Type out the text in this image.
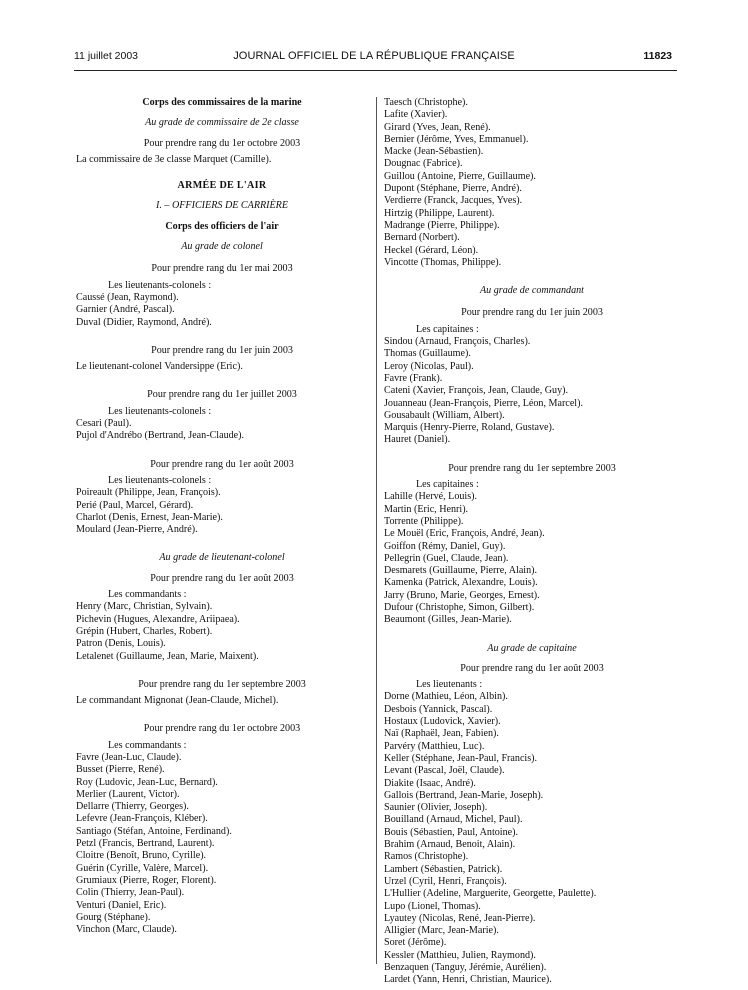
11 juillet 2003	JOURNAL OFFICIEL DE LA RÉPUBLIQUE FRANÇAISE	11823
Corps des commissaires de la marine
Au grade de commissaire de 2e classe
Pour prendre rang du 1er octobre 2003
La commissaire de 3e classe Marquet (Camille).
ARMÉE DE L'AIR
I. – OFFICIERS DE CARRIÈRE
Corps des officiers de l'air
Au grade de colonel
Pour prendre rang du 1er mai 2003
Les lieutenants-colonels :
Caussé (Jean, Raymond).
Garnier (André, Pascal).
Duval (Didier, Raymond, André).
Pour prendre rang du 1er juin 2003
Le lieutenant-colonel Vandersippe (Eric).
Pour prendre rang du 1er juillet 2003
Les lieutenants-colonels :
Cesari (Paul).
Pujol d'Andrébo (Bertrand, Jean-Claude).
Pour prendre rang du 1er août 2003
Les lieutenants-colonels :
Poireault (Philippe, Jean, François).
Perié (Paul, Marcel, Gérard).
Charlot (Denis, Ernest, Jean-Marie).
Moulard (Jean-Pierre, André).
Au grade de lieutenant-colonel
Pour prendre rang du 1er août 2003
Les commandants :
Henry (Marc, Christian, Sylvain).
Pichevin (Hugues, Alexandre, Ariipaea).
Grépin (Hubert, Charles, Robert).
Patron (Denis, Louis).
Letalenet (Guillaume, Jean, Marie, Maixent).
Pour prendre rang du 1er septembre 2003
Le commandant Mignonat (Jean-Claude, Michel).
Pour prendre rang du 1er octobre 2003
Les commandants :
Favre (Jean-Luc, Claude).
Busset (Pierre, René).
Roy (Ludovic, Jean-Luc, Bernard).
Merlier (Laurent, Victor).
Dellarre (Thierry, Georges).
Lefevre (Jean-François, Kléber).
Santiago (Stéfan, Antoine, Ferdinand).
Petzl (Francis, Bertrand, Laurent).
Cloitre (Benoît, Bruno, Cyrille).
Guérin (Cyrille, Valère, Marcel).
Grumiaux (Pierre, Roger, Florent).
Colin (Thierry, Jean-Paul).
Venturi (Daniel, Eric).
Gourg (Stéphane).
Vinchon (Marc, Claude).
Taesch (Christophe).
Lafite (Xavier).
Girard (Yves, Jean, René).
Bernier (Jérôme, Yves, Emmanuel).
Macke (Jean-Sébastien).
Dougnac (Fabrice).
Guillou (Antoine, Pierre, Guillaume).
Dupont (Stéphane, Pierre, André).
Verdierre (Franck, Jacques, Yves).
Hirtzig (Philippe, Laurent).
Madrange (Pierre, Philippe).
Bernard (Norbert).
Heckel (Gérard, Léon).
Vincotte (Thomas, Philippe).
Au grade de commandant
Pour prendre rang du 1er juin 2003
Les capitaines :
Sindou (Arnaud, François, Charles).
Thomas (Guillaume).
Leroy (Nicolas, Paul).
Favre (Frank).
Cateni (Xavier, François, Jean, Claude, Guy).
Jouanneau (Jean-François, Pierre, Léon, Marcel).
Gousabault (William, Albert).
Marquis (Henry-Pierre, Roland, Gustave).
Hauret (Daniel).
Pour prendre rang du 1er septembre 2003
Les capitaines :
Lahille (Hervé, Louis).
Martin (Eric, Henri).
Torrente (Philippe).
Le Mouël (Eric, François, André, Jean).
Goiffon (Rémy, Daniel, Guy).
Pellegrin (Guel, Claude, Jean).
Desmarets (Guillaume, Pierre, Alain).
Kamenka (Patrick, Alexandre, Louis).
Jarry (Bruno, Marie, Georges, Ernest).
Dufour (Christophe, Simon, Gilbert).
Beaumont (Gilles, Jean-Marie).
Au grade de capitaine
Pour prendre rang du 1er août 2003
Les lieutenants :
Dorne (Mathieu, Léon, Albin).
Desbois (Yannick, Pascal).
Hostaux (Ludovick, Xavier).
Naï (Raphaël, Jean, Fabien).
Parvéry (Matthieu, Luc).
Keller (Stéphane, Jean-Paul, Francis).
Levant (Pascal, Joël, Claude).
Diakite (Isaac, André).
Gallois (Bertrand, Jean-Marie, Joseph).
Saunier (Olivier, Joseph).
Bouilland (Arnaud, Michel, Paul).
Bouis (Sébastien, Paul, Antoine).
Brahim (Arnaud, Benoit, Alain).
Ramos (Christophe).
Lambert (Sébastien, Patrick).
Urzel (Cyril, Henri, François).
L'Hullier (Adeline, Marguerite, Georgette, Paulette).
Lupo (Lionel, Thomas).
Lyautey (Nicolas, René, Jean-Pierre).
Alligier (Marc, Jean-Marie).
Soret (Jérôme).
Kessler (Matthieu, Julien, Raymond).
Benzaquen (Tanguy, Jérémie, Aurélien).
Lardet (Yann, Henri, Christian, Maurice).
